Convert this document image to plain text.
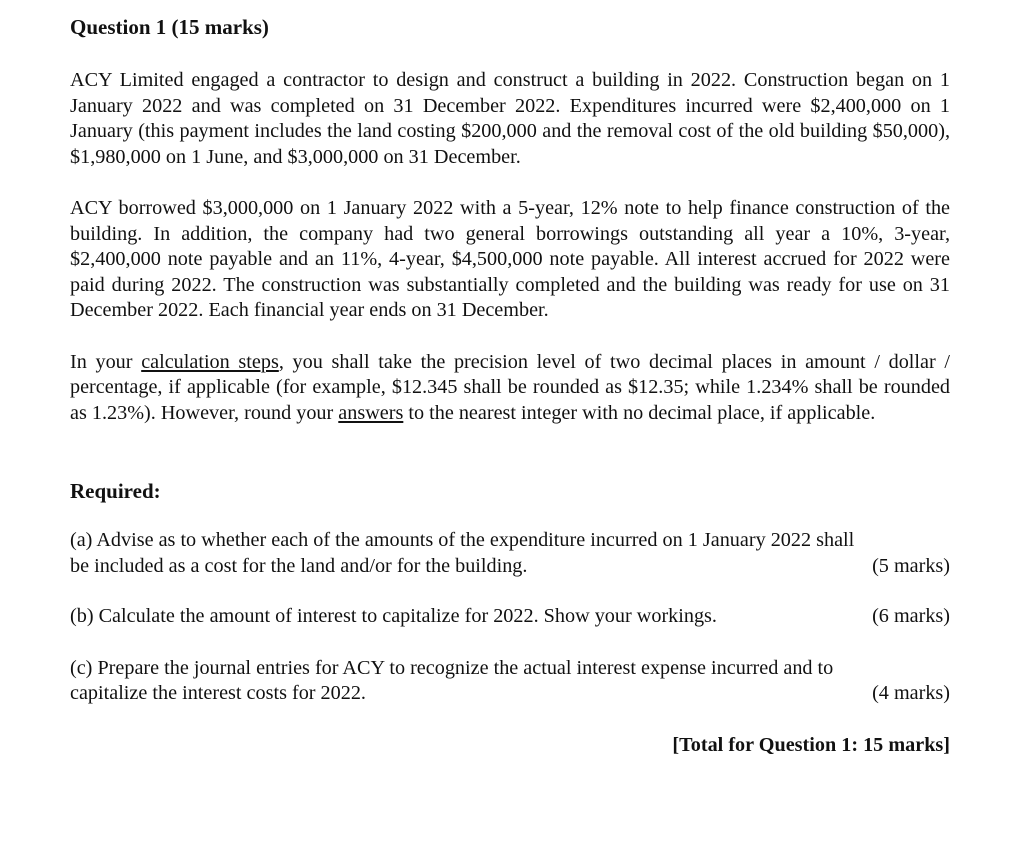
Question 1 (15 marks)

ACY Limited engaged a contractor to design and construct a building in 2022. Construction began on 1 January 2022 and was completed on 31 December 2022. Expenditures incurred were $2,400,000 on 1 January (this payment includes the land costing $200,000 and the removal cost of the old building $50,000), $1,980,000 on 1 June, and $3,000,000 on 31 December.

ACY borrowed $3,000,000 on 1 January 2022 with a 5-year, 12% note to help finance construction of the building. In addition, the company had two general borrowings outstanding all year a 10%, 3-year, $2,400,000 note payable and an 11%, 4-year, $4,500,000 note payable. All interest accrued for 2022 were paid during 2022. The construction was substantially completed and the building was ready for use on 31 December 2022. Each financial year ends on 31 December.

In your calculation steps, you shall take the precision level of two decimal places in amount / dollar / percentage, if applicable (for example, $12.345 shall be rounded as $12.35; while 1.234% shall be rounded as 1.23%). However, round your answers to the nearest integer with no decimal place, if applicable.

Required:
(a) Advise as to whether each of the amounts of the expenditure incurred on 1 January 2022 shall
be included as a cost for the land and/or for the building.	(5 marks)
(b) Calculate the amount of interest to capitalize for 2022. Show your workings.	(6 marks)
(c) Prepare the journal entries for ACY to recognize the actual interest expense incurred and to
capitalize the interest costs for 2022.	(4 marks)
[Total for Question 1: 15 marks]
